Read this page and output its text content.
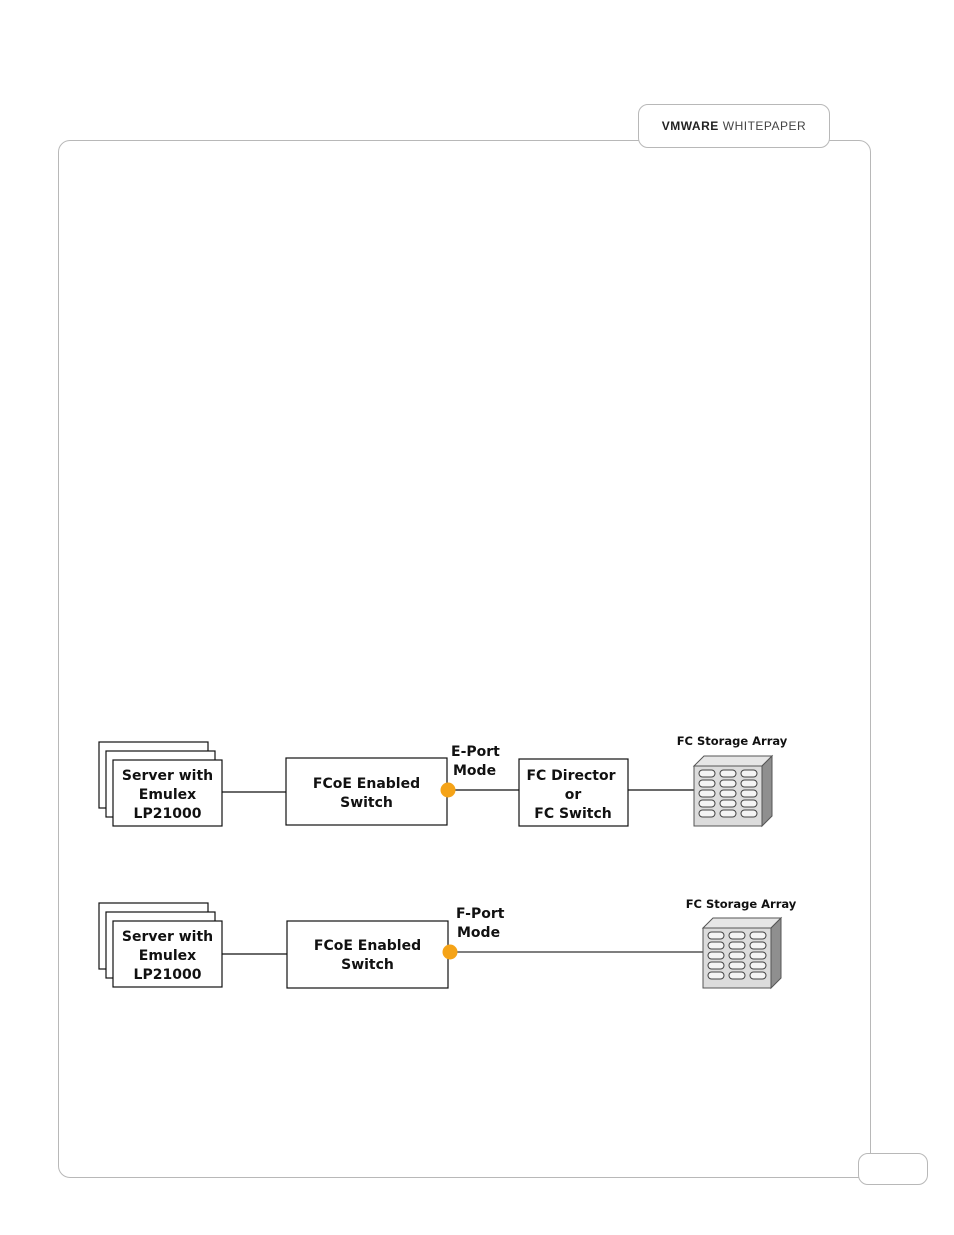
VMWARE WHITEPAPER
Server with
Emulex
LP21000
FCoE Enabled
Switch
E-Port
Mode FC Director
or
FC Switch
FC Storage Array
Server with
Emulex
LP21000
FCoE Enabled
Switch
F-Port
Mode
FC Storage Array
